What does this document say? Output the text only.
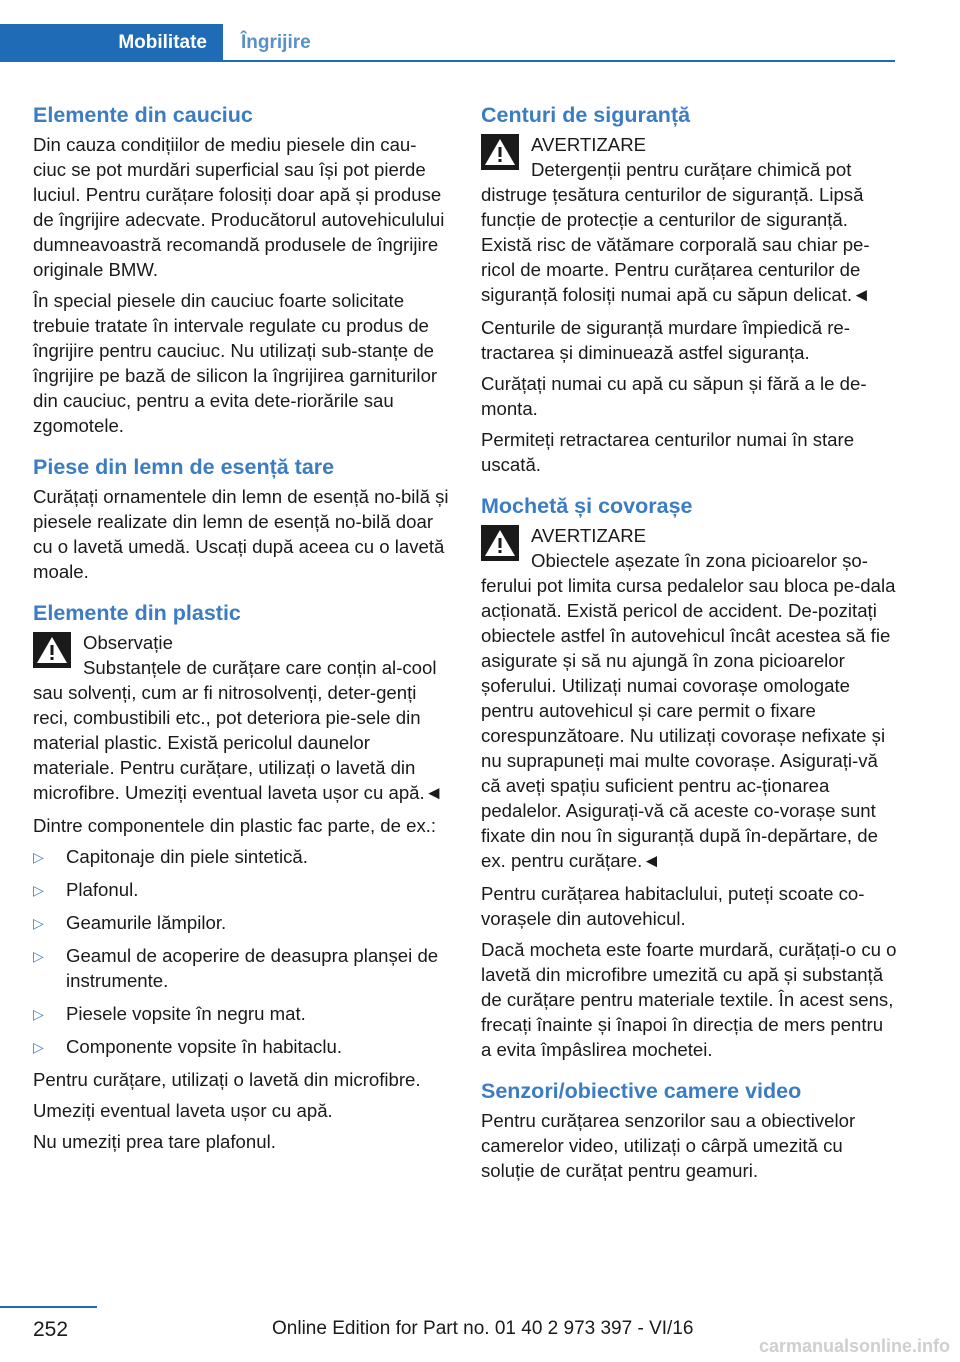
Mobilitate	Îngrijire
Elemente din cauciuc

Din cauza condițiilor de mediu piesele din cau-ciuc se pot murdări superficial sau își pot pierde luciul. Pentru curățare folosiți doar apă și produse de îngrijire adecvate. Producătorul autovehiculului dumneavoastră recomandă produsele de îngrijire originale BMW.

În special piesele din cauciuc foarte solicitate trebuie tratate în intervale regulate cu produs de îngrijire pentru cauciuc. Nu utilizați sub-stanțe de îngrijire pe bază de silicon la îngrijirea garniturilor din cauciuc, pentru a evita dete-riorările sau zgomotele.

Piese din lemn de esență tare

Curățați ornamentele din lemn de esență no-bilă și piesele realizate din lemn de esență no-bilă doar cu o lavetă umedă. Uscați după aceea cu o lavetă moale.

Elemente din plastic
Observație
Substanțele de curățare care conțin al-cool sau solvenți, cum ar fi nitrosolvenți, deter-genți reci, combustibili etc., pot deteriora pie-sele din material plastic. Există pericolul daunelor materiale. Pentru curățare, utilizați o lavetă din microfibre. Umeziți eventual laveta ușor cu apă.◄

Dintre componentele din plastic fac parte, de ex.:

▷ Capitonaje din piele sintetică.
▷ Plafonul.
▷ Geamurile lămpilor.
▷ Geamul de acoperire de deasupra planșei de instrumente.
▷ Piesele vopsite în negru mat.
▷ Componente vopsite în habitaclu.

Pentru curățare, utilizați o lavetă din microfibre.

Umeziți eventual laveta ușor cu apă.

Nu umeziți prea tare plafonul.

Centuri de siguranță
AVERTIZARE
Detergenții pentru curățare chimică pot distruge țesătura centurilor de siguranță. Lipsă funcție de protecție a centurilor de siguranță. Există risc de vătămare corporală sau chiar pe-ricol de moarte. Pentru curățarea centurilor de siguranță folosiți numai apă cu săpun delicat.◄

Centurile de siguranță murdare împiedică re-tractarea și diminuează astfel siguranța.

Curățați numai cu apă cu săpun și fără a le de-monta.

Permiteți retractarea centurilor numai în stare uscată.

Mochetă și covorașe
AVERTIZARE
Obiectele așezate în zona picioarelor șo-ferului pot limita cursa pedalelor sau bloca pe-dala acționată. Există pericol de accident. De-pozitați obiectele astfel în autovehicul încât acestea să fie asigurate și să nu ajungă în zona picioarelor șoferului. Utilizați numai covorașe omologate pentru autovehicul și care permit o fixare corespunzătoare. Nu utilizați covorașe nefixate și nu suprapuneți mai multe covorașe. Asigurați-vă că aveți spațiu suficient pentru ac-ționarea pedalelor. Asigurați-vă că aceste co-vorașe sunt fixate din nou în siguranță după în-depărtare, de ex. pentru curățare.◄

Pentru curățarea habitaclului, puteți scoate co-vorașele din autovehicul.

Dacă mocheta este foarte murdară, curățați-o cu o lavetă din microfibre umezită cu apă și substanță de curățare pentru materiale textile. În acest sens, frecați înainte și înapoi în direcția de mers pentru a evita împâslirea mochetei.

Senzori/obiective camere video

Pentru curățarea senzorilor sau a obiectivelor camerelor video, utilizați o cârpă umezită cu soluție de curățat pentru geamuri.

252	Online Edition for Part no. 01 40 2 973 397 - VI/16
carmanualsonline.info
